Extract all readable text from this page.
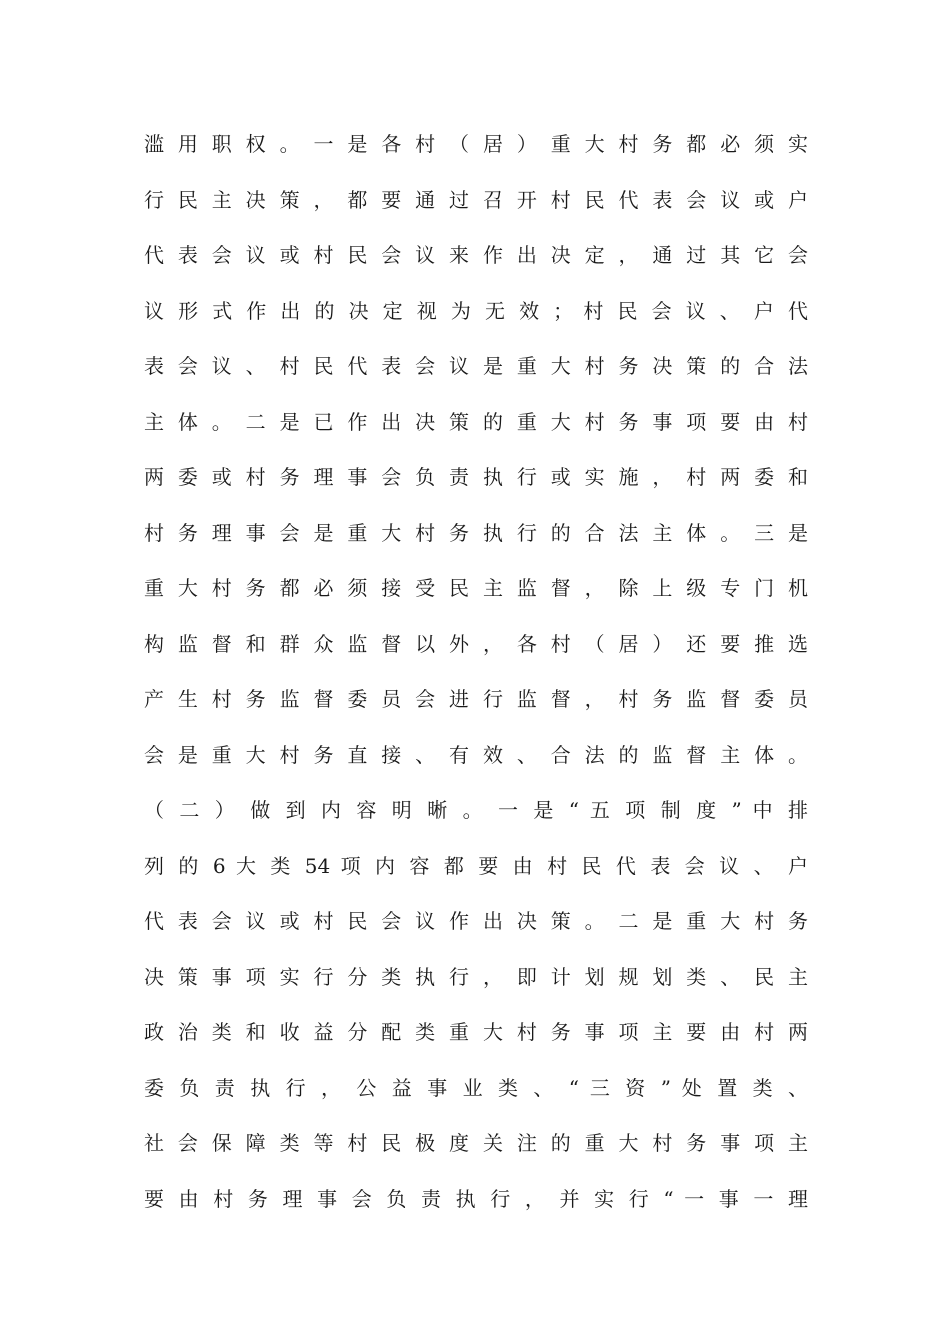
滥 用 职 权 。 一 是 各 村 （ 居 ） 重 大 村 务 都 必 须 实
行 民 主 决 策 ， 都 要 通 过 召 开 村 民 代 表 会 议 或 户
代 表 会 议 或 村 民 会 议 来 作 出 决 定 ， 通 过 其 它 会
议 形 式 作 出 的 决 定 视 为 无 效 ； 村 民 会 议 、 户 代
表 会 议 、 村 民 代 表 会 议 是 重 大 村 务 决 策 的 合 法
主 体 。 二 是 已 作 出 决 策 的 重 大 村 务 事 项 要 由 村
两 委 或 村 务 理 事 会 负 责 执 行 或 实 施 ， 村 两 委 和
村 务 理 事 会 是 重 大 村 务 执 行 的 合 法 主 体 。 三 是
重 大 村 务 都 必 须 接 受 民 主 监 督 ， 除 上 级 专 门 机
构 监 督 和 群 众 监 督 以 外 ， 各 村 （ 居 ） 还 要 推 选
产 生 村 务 监 督 委 员 会 进 行 监 督 ， 村 务 监 督 委 员
会 是 重 大 村 务 直 接 、 有 效 、 合 法 的 监 督 主 体 。
（ 二 ） 做 到 内 容 明 晰 。 一 是 “ 五 项 制 度 ” 中 排
列 的 6 大 类 54 项 内 容 都 要 由 村 民 代 表 会 议 、 户
代 表 会 议 或 村 民 会 议 作 出 决 策 。 二 是 重 大 村 务
决 策 事 项 实 行 分 类 执 行 ， 即 计 划 规 划 类 、 民 主
政 治 类 和 收 益 分 配 类 重 大 村 务 事 项 主 要 由 村 两
委 负 责 执 行 ， 公 益 事 业 类 、 “ 三 资 ” 处 置 类 、
社 会 保 障 类 等 村 民 极 度 关 注 的 重 大 村 务 事 项 主
要 由 村 务 理 事 会 负 责 执 行 ， 并 实 行 “ 一 事 一 理
